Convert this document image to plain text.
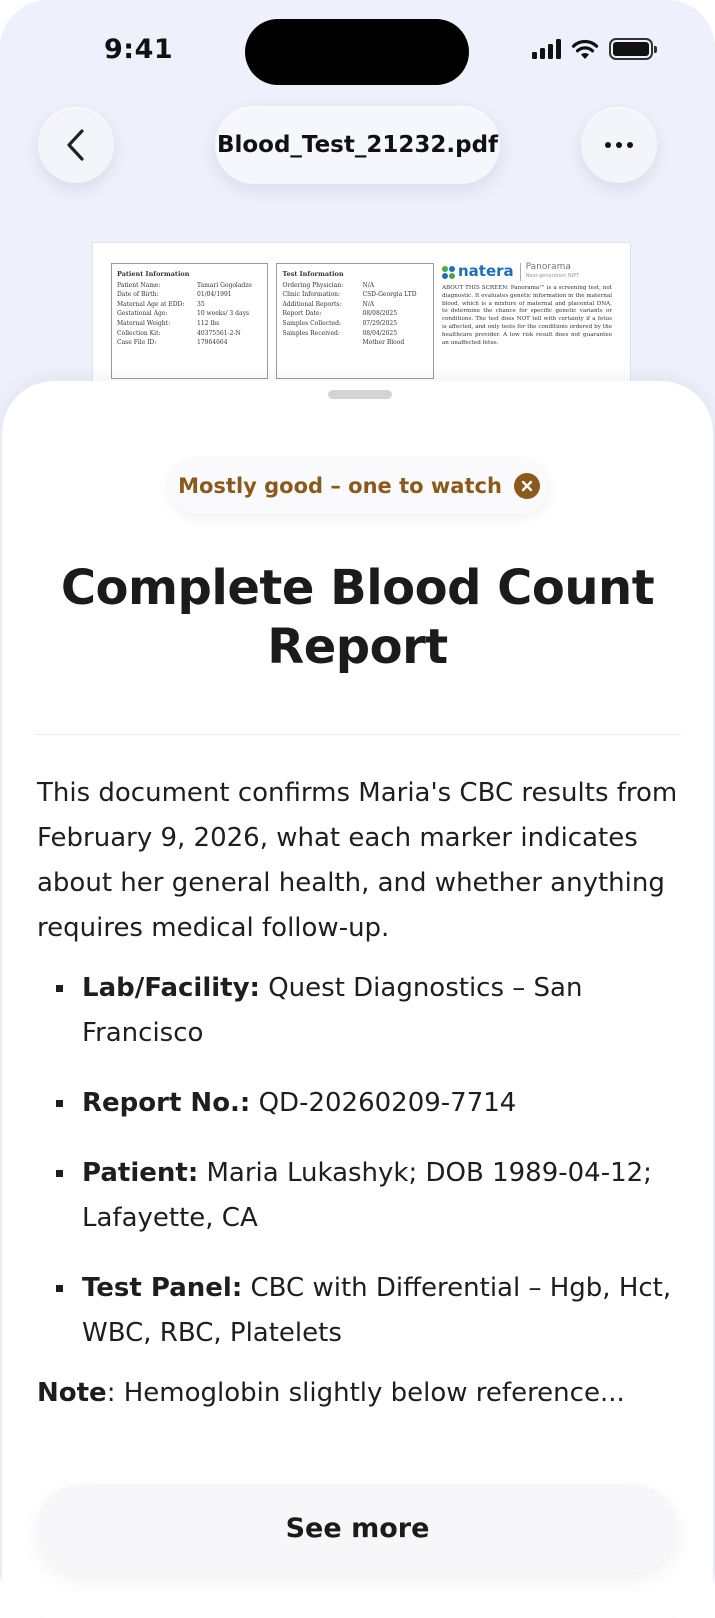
9:41
Blood_Test_21232.pdf
Patient Information
Patient Name:	Tamari Gogoladze
Date of Birth:	01/04/1991
Maternal Age at EDD:	35
Gestational Age:	10 weeks/ 3 days
Maternal Weight:	112 lbs
Collection Kit:	40375561-2-N
Case File ID:	17964664
Test Information
Ordering Physician:	N/A
Clinic Information:	CSD-Georgia LTD
Additional Reports:	N/A
Report Date:	08/08/2025
Samples Collected:	07/29/2025
Samples Received:	08/04/2025
Mother Blood
natera	Panorama
Next-generation NIPT
ABOUT THIS SCREEN: Panorama™ is a screening test, not diagnostic. It evaluates genetic information in the maternal blood, which is a mixture of maternal and placental DNA, to determine the chance for specific genetic variants or conditions. The test does NOT tell with certainty if a fetus is affected, and only tests for the conditions ordered by the healthcare provider. A low risk result does not guarantee an unaffected fetus.
Mostly good – one to watch
Complete Blood Count Report

This document confirms Maria's CBC results from February 9, 2026, what each marker indicates about her general health, and whether anything requires medical follow-up.

Lab/Facility: Quest Diagnostics – San Francisco
Report No.: QD-20260209-7714
Patient: Maria Lukashyk; DOB 1989-04-12; Lafayette, CA
Test Panel: CBC with Differential – Hgb, Hct, WBC, RBC, Platelets

Note: Hemoglobin slightly below reference...

See more
